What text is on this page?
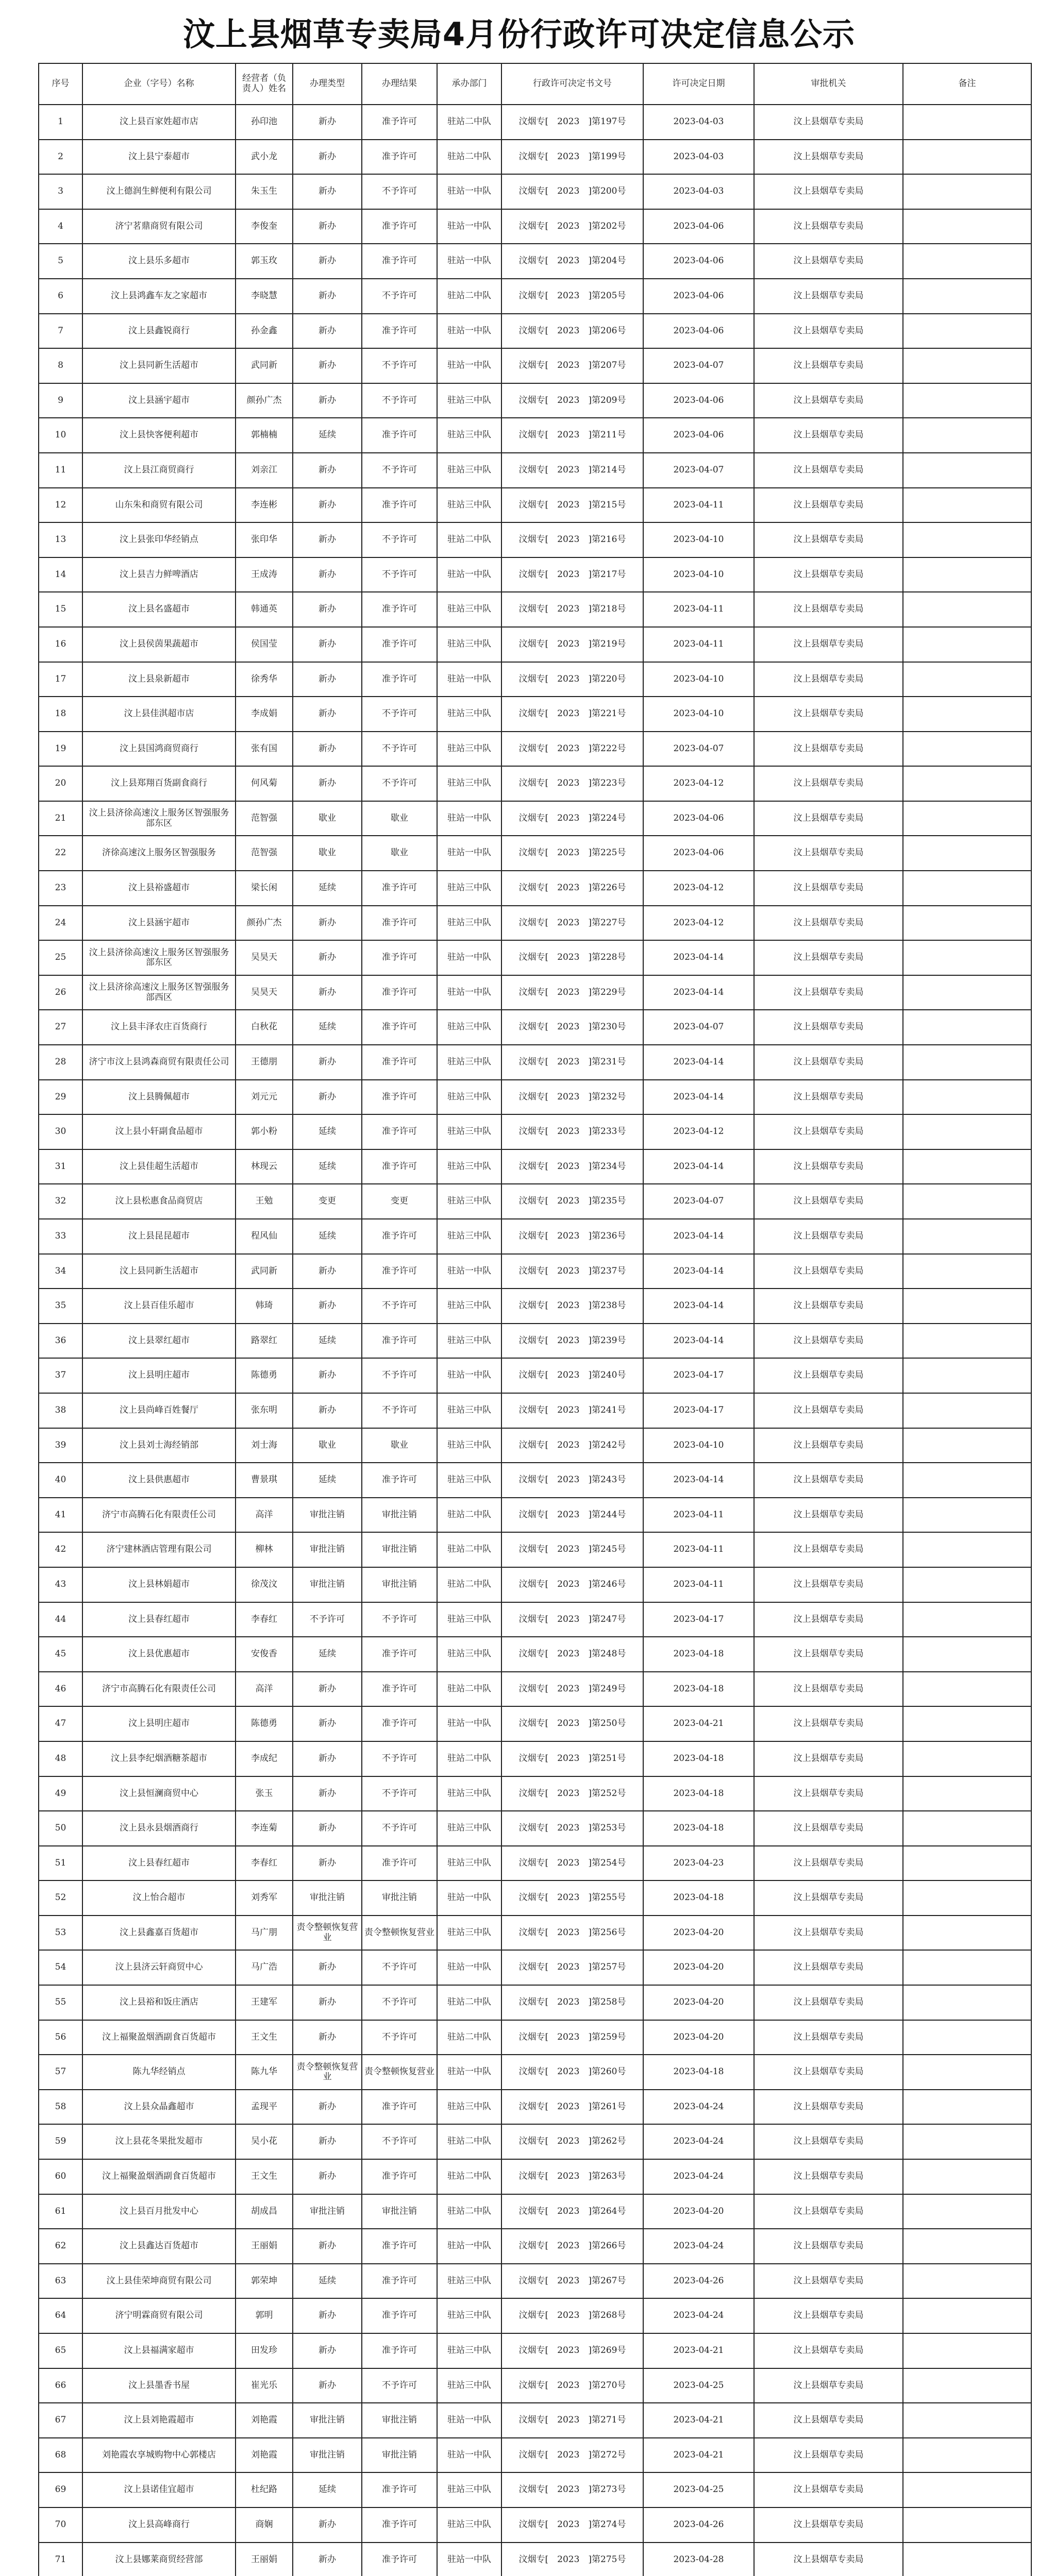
汶上县烟草专卖局4月份行政许可决定信息公示
序号	企业（字号）名称	经营者（负责人）姓名	办理类型	办理结果	承办部门	行政许可决定书文号	许可决定日期	审批机关	备注
1	汶上县百家姓超市店	孙印池	新办	准予许可	驻站二中队	汶烟专[　2023　]第197号	2023-04-03	汶上县烟草专卖局	
2	汶上县宁泰超市	武小龙	新办	准予许可	驻站二中队	汶烟专[　2023　]第199号	2023-04-03	汶上县烟草专卖局	
3	汶上德润生鲜便利有限公司	朱玉生	新办	不予许可	驻站一中队	汶烟专[　2023　]第200号	2023-04-03	汶上县烟草专卖局	
4	济宁茗鼎商贸有限公司	李俊奎	新办	准予许可	驻站一中队	汶烟专[　2023　]第202号	2023-04-06	汶上县烟草专卖局	
5	汶上县乐多超市	郭玉玫	新办	准予许可	驻站一中队	汶烟专[　2023　]第204号	2023-04-06	汶上县烟草专卖局	
6	汶上县鸿鑫车友之家超市	李晓慧	新办	不予许可	驻站二中队	汶烟专[　2023　]第205号	2023-04-06	汶上县烟草专卖局	
7	汶上县鑫锐商行	孙金鑫	新办	准予许可	驻站一中队	汶烟专[　2023　]第206号	2023-04-06	汶上县烟草专卖局	
8	汶上县同新生活超市	武同新	新办	不予许可	驻站一中队	汶烟专[　2023　]第207号	2023-04-07	汶上县烟草专卖局	
9	汶上县涵宇超市	颜孙广杰	新办	不予许可	驻站三中队	汶烟专[　2023　]第209号	2023-04-06	汶上县烟草专卖局	
10	汶上县快客便利超市	郭楠楠	延续	准予许可	驻站三中队	汶烟专[　2023　]第211号	2023-04-06	汶上县烟草专卖局	
11	汶上县江商贸商行	刘亲江	新办	不予许可	驻站三中队	汶烟专[　2023　]第214号	2023-04-07	汶上县烟草专卖局	
12	山东朱和商贸有限公司	李连彬	新办	准予许可	驻站三中队	汶烟专[　2023　]第215号	2023-04-11	汶上县烟草专卖局	
13	汶上县张印华经销点	张印华	新办	不予许可	驻站二中队	汶烟专[　2023　]第216号	2023-04-10	汶上县烟草专卖局	
14	汶上县吉力鲜啤酒店	王成涛	新办	不予许可	驻站一中队	汶烟专[　2023　]第217号	2023-04-10	汶上县烟草专卖局	
15	汶上县名盛超市	韩通英	新办	准予许可	驻站三中队	汶烟专[　2023　]第218号	2023-04-11	汶上县烟草专卖局	
16	汶上县侯茵果蔬超市	侯国莹	新办	准予许可	驻站三中队	汶烟专[　2023　]第219号	2023-04-11	汶上县烟草专卖局	
17	汶上县泉新超市	徐秀华	新办	准予许可	驻站一中队	汶烟专[　2023　]第220号	2023-04-10	汶上县烟草专卖局	
18	汶上县佳淇超市店	李成娟	新办	不予许可	驻站三中队	汶烟专[　2023　]第221号	2023-04-10	汶上县烟草专卖局	
19	汶上县国鸿商贸商行	张有国	新办	不予许可	驻站三中队	汶烟专[　2023　]第222号	2023-04-07	汶上县烟草专卖局	
20	汶上县郑翔百货副食商行	何风菊	新办	不予许可	驻站三中队	汶烟专[　2023　]第223号	2023-04-12	汶上县烟草专卖局	
21	汶上县济徐高速汶上服务区智强服务部东区	范智强	歇业	歇业	驻站一中队	汶烟专[　2023　]第224号	2023-04-06	汶上县烟草专卖局	
22	济徐高速汶上服务区智强服务	范智强	歇业	歇业	驻站一中队	汶烟专[　2023　]第225号	2023-04-06	汶上县烟草专卖局	
23	汶上县裕盛超市	梁长闲	延续	准予许可	驻站三中队	汶烟专[　2023　]第226号	2023-04-12	汶上县烟草专卖局	
24	汶上县涵宇超市	颜孙广杰	新办	准予许可	驻站三中队	汶烟专[　2023　]第227号	2023-04-12	汶上县烟草专卖局	
25	汶上县济徐高速汶上服务区智强服务部东区	吴昊天	新办	准予许可	驻站一中队	汶烟专[　2023　]第228号	2023-04-14	汶上县烟草专卖局	
26	汶上县济徐高速汶上服务区智强服务部西区	吴昊天	新办	准予许可	驻站一中队	汶烟专[　2023　]第229号	2023-04-14	汶上县烟草专卖局	
27	汶上县丰泽农庄百货商行	白秋花	延续	准予许可	驻站三中队	汶烟专[　2023　]第230号	2023-04-07	汶上县烟草专卖局	
28	济宁市汶上县鸿森商贸有限责任公司	王德朋	新办	准予许可	驻站三中队	汶烟专[　2023　]第231号	2023-04-14	汶上县烟草专卖局	
29	汶上县腾佩超市	刘元元	新办	准予许可	驻站三中队	汶烟专[　2023　]第232号	2023-04-14	汶上县烟草专卖局	
30	汶上县小轩副食品超市	郭小粉	延续	准予许可	驻站三中队	汶烟专[　2023　]第233号	2023-04-12	汶上县烟草专卖局	
31	汶上县佳超生活超市	林现云	延续	准予许可	驻站三中队	汶烟专[　2023　]第234号	2023-04-14	汶上县烟草专卖局	
32	汶上县松惠食品商贸店	王勉	变更	变更	驻站三中队	汶烟专[　2023　]第235号	2023-04-07	汶上县烟草专卖局	
33	汶上县昆昆超市	程风仙	延续	准予许可	驻站三中队	汶烟专[　2023　]第236号	2023-04-14	汶上县烟草专卖局	
34	汶上县同新生活超市	武同新	新办	准予许可	驻站一中队	汶烟专[　2023　]第237号	2023-04-14	汶上县烟草专卖局	
35	汶上县百佳乐超市	韩琦	新办	不予许可	驻站三中队	汶烟专[　2023　]第238号	2023-04-14	汶上县烟草专卖局	
36	汶上县翠红超市	路翠红	延续	准予许可	驻站三中队	汶烟专[　2023　]第239号	2023-04-14	汶上县烟草专卖局	
37	汶上县明庄超市	陈德勇	新办	不予许可	驻站一中队	汶烟专[　2023　]第240号	2023-04-17	汶上县烟草专卖局	
38	汶上县尚峰百姓餐厅	张东明	新办	不予许可	驻站三中队	汶烟专[　2023　]第241号	2023-04-17	汶上县烟草专卖局	
39	汶上县刘士海经销部	刘士海	歇业	歇业	驻站三中队	汶烟专[　2023　]第242号	2023-04-10	汶上县烟草专卖局	
40	汶上县供惠超市	曹景琪	延续	准予许可	驻站三中队	汶烟专[　2023　]第243号	2023-04-14	汶上县烟草专卖局	
41	济宁市高腾石化有限责任公司	高洋	审批注销	审批注销	驻站二中队	汶烟专[　2023　]第244号	2023-04-11	汶上县烟草专卖局	
42	济宁建林酒店管理有限公司	柳林	审批注销	审批注销	驻站二中队	汶烟专[　2023　]第245号	2023-04-11	汶上县烟草专卖局	
43	汶上县林娟超市	徐茂汶	审批注销	审批注销	驻站二中队	汶烟专[　2023　]第246号	2023-04-11	汶上县烟草专卖局	
44	汶上县春红超市	李春红	不予许可	不予许可	驻站三中队	汶烟专[　2023　]第247号	2023-04-17	汶上县烟草专卖局	
45	汶上县优惠超市	安俊香	延续	准予许可	驻站三中队	汶烟专[　2023　]第248号	2023-04-18	汶上县烟草专卖局	
46	济宁市高腾石化有限责任公司	高洋	新办	准予许可	驻站二中队	汶烟专[　2023　]第249号	2023-04-18	汶上县烟草专卖局	
47	汶上县明庄超市	陈德勇	新办	准予许可	驻站一中队	汶烟专[　2023　]第250号	2023-04-21	汶上县烟草专卖局	
48	汶上县李纪烟酒糖茶超市	李成纪	新办	不予许可	驻站二中队	汶烟专[　2023　]第251号	2023-04-18	汶上县烟草专卖局	
49	汶上县恒澜商贸中心	张玉	新办	不予许可	驻站三中队	汶烟专[　2023　]第252号	2023-04-18	汶上县烟草专卖局	
50	汶上县永县烟酒商行	李连菊	新办	不予许可	驻站三中队	汶烟专[　2023　]第253号	2023-04-18	汶上县烟草专卖局	
51	汶上县春红超市	李春红	新办	准予许可	驻站三中队	汶烟专[　2023　]第254号	2023-04-23	汶上县烟草专卖局	
52	汶上怡合超市	刘秀军	审批注销	审批注销	驻站一中队	汶烟专[　2023　]第255号	2023-04-18	汶上县烟草专卖局	
53	汶上县鑫嘉百货超市	马广朋	责令整顿恢复营业	责令整顿恢复营业	驻站三中队	汶烟专[　2023　]第256号	2023-04-20	汶上县烟草专卖局	
54	汶上县济云轩商贸中心	马广浩	新办	不予许可	驻站一中队	汶烟专[　2023　]第257号	2023-04-20	汶上县烟草专卖局	
55	汶上县裕和饭庄酒店	王建军	新办	不予许可	驻站二中队	汶烟专[　2023　]第258号	2023-04-20	汶上县烟草专卖局	
56	汶上福聚盈烟酒副食百货超市	王文生	新办	不予许可	驻站二中队	汶烟专[　2023　]第259号	2023-04-20	汶上县烟草专卖局	
57	陈九华经销点	陈九华	责令整顿恢复营业	责令整顿恢复营业	驻站一中队	汶烟专[　2023　]第260号	2023-04-18	汶上县烟草专卖局	
58	汶上县众晶鑫超市	孟现平	新办	准予许可	驻站三中队	汶烟专[　2023　]第261号	2023-04-24	汶上县烟草专卖局	
59	汶上县花冬果批发超市	吴小花	新办	不予许可	驻站二中队	汶烟专[　2023　]第262号	2023-04-24	汶上县烟草专卖局	
60	汶上福聚盈烟酒副食百货超市	王文生	新办	准予许可	驻站二中队	汶烟专[　2023　]第263号	2023-04-24	汶上县烟草专卖局	
61	汶上县百月批发中心	胡成昌	审批注销	审批注销	驻站二中队	汶烟专[　2023　]第264号	2023-04-20	汶上县烟草专卖局	
62	汶上县鑫达百货超市	王丽娟	新办	准予许可	驻站一中队	汶烟专[　2023　]第266号	2023-04-24	汶上县烟草专卖局	
63	汶上县佳荣坤商贸有限公司	郭荣坤	延续	准予许可	驻站三中队	汶烟专[　2023　]第267号	2023-04-26	汶上县烟草专卖局	
64	济宁明霖商贸有限公司	郭明	新办	准予许可	驻站三中队	汶烟专[　2023　]第268号	2023-04-24	汶上县烟草专卖局	
65	汶上县福满家超市	田发珍	新办	准予许可	驻站三中队	汶烟专[　2023　]第269号	2023-04-21	汶上县烟草专卖局	
66	汶上县墨香书屋	崔光乐	新办	不予许可	驻站三中队	汶烟专[　2023　]第270号	2023-04-25	汶上县烟草专卖局	
67	汶上县刘艳霞超市	刘艳霞	审批注销	审批注销	驻站一中队	汶烟专[　2023　]第271号	2023-04-21	汶上县烟草专卖局	
68	刘艳霞农享城购物中心郭楼店	刘艳霞	审批注销	审批注销	驻站一中队	汶烟专[　2023　]第272号	2023-04-21	汶上县烟草专卖局	
69	汶上县诺佳宜超市	杜纪路	延续	准予许可	驻站三中队	汶烟专[　2023　]第273号	2023-04-25	汶上县烟草专卖局	
70	汶上县高峰商行	商娴	新办	准予许可	驻站三中队	汶烟专[　2023　]第274号	2023-04-26	汶上县烟草专卖局	
71	汶上县娜莱商贸经营部	王丽娟	新办	准予许可	驻站一中队	汶烟专[　2023　]第275号	2023-04-28	汶上县烟草专卖局	
